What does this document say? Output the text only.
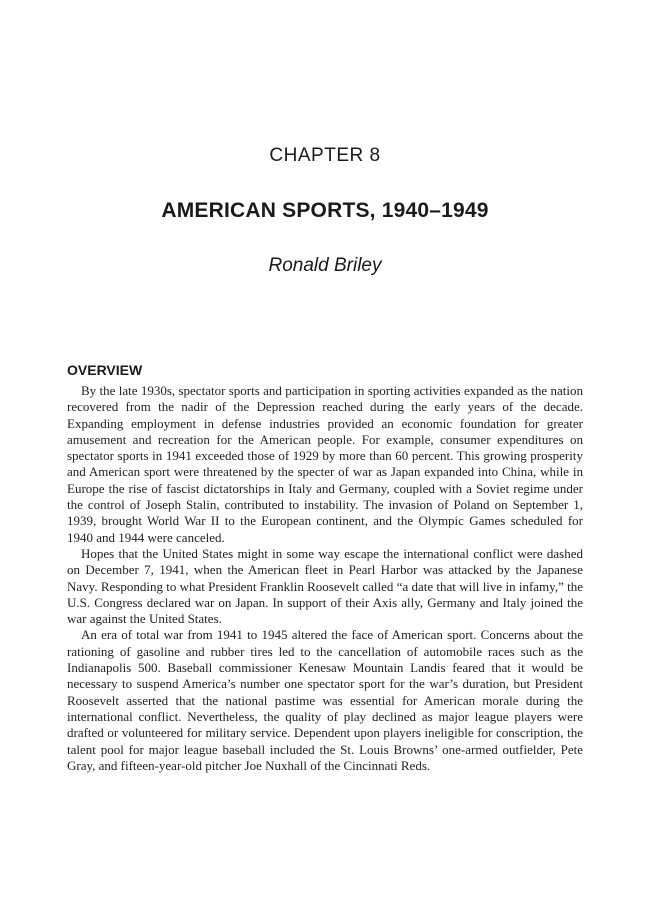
CHAPTER 8
AMERICAN SPORTS, 1940–1949
Ronald Briley
OVERVIEW

By the late 1930s, spectator sports and participation in sporting activities expanded as the nation recovered from the nadir of the Depression reached during the early years of the decade. Expanding employment in defense industries provided an economic foundation for greater amusement and recreation for the American people. For example, consumer expenditures on spectator sports in 1941 exceeded those of 1929 by more than 60 percent. This growing prosperity and American sport were threatened by the specter of war as Japan expanded into China, while in Europe the rise of fascist dictatorships in Italy and Germany, coupled with a Soviet regime under the control of Joseph Stalin, contributed to instability. The invasion of Poland on September 1, 1939, brought World War II to the European continent, and the Olympic Games scheduled for 1940 and 1944 were canceled.

Hopes that the United States might in some way escape the international conflict were dashed on December 7, 1941, when the American fleet in Pearl Harbor was attacked by the Japanese Navy. Responding to what President Franklin Roosevelt called “a date that will live in infamy,” the U.S. Congress declared war on Japan. In support of their Axis ally, Germany and Italy joined the war against the United States.

An era of total war from 1941 to 1945 altered the face of American sport. Concerns about the rationing of gasoline and rubber tires led to the cancellation of automobile races such as the Indianapolis 500. Baseball commissioner Kenesaw Mountain Landis feared that it would be necessary to suspend America’s number one spectator sport for the war’s duration, but President Roosevelt asserted that the national pastime was essential for American morale during the international conflict. Nevertheless, the quality of play declined as major league players were drafted or volunteered for military service. Dependent upon players ineligible for conscription, the talent pool for major league baseball included the St. Louis Browns’ one-armed outfielder, Pete Gray, and fifteen-year-old pitcher Joe Nuxhall of the Cincinnati Reds.
